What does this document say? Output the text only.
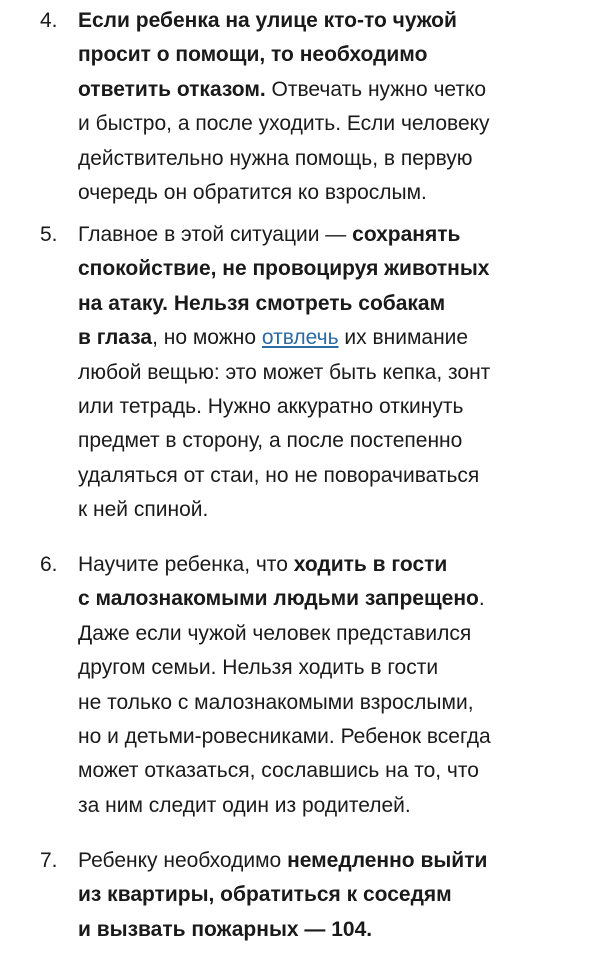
4. Если ребенка на улице кто-то чужой
просит о помощи, то необходимо
ответить отказом. Отвечать нужно четко
и быстро, а после уходить. Если человеку
действительно нужна помощь, в первую
очередь он обратится ко взрослым.
5. Главное в этой ситуации — сохранять
спокойствие, не провоцируя животных
на атаку. Нельзя смотреть собакам
в глаза, но можно отвлечь их внимание
любой вещью: это может быть кепка, зонт
или тетрадь. Нужно аккуратно откинуть
предмет в сторону, а после постепенно
удаляться от стаи, но не поворачиваться
к ней спиной.
6. Научите ребенка, что ходить в гости
с малознакомыми людьми запрещено.
Даже если чужой человек представился
другом семьи. Нельзя ходить в гости
не только с малознакомыми взрослыми,
но и детьми-ровесниками. Ребенок всегда
может отказаться, сославшись на то, что
за ним следит один из родителей.
7. Ребенку необходимо немедленно выйти
из квартиры, обратиться к соседям
и вызвать пожарных — 104.
